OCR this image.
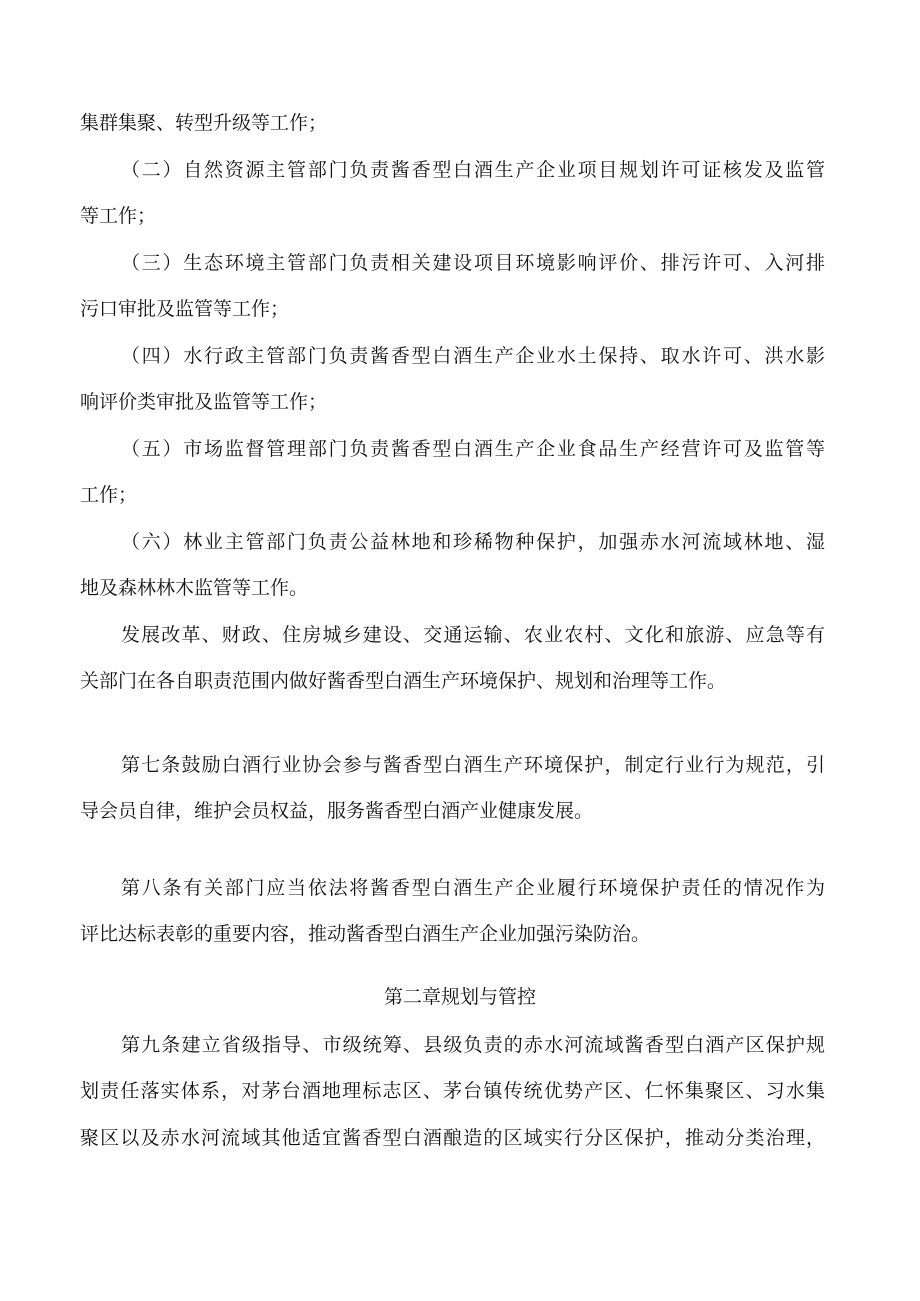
集群集聚、转型升级等工作；
（二）自然资源主管部门负责酱香型白酒生产企业项目规划许可证核发及监管
等工作；
（三）生态环境主管部门负责相关建设项目环境影响评价、排污许可、入河排
污口审批及监管等工作；
（四）水行政主管部门负责酱香型白酒生产企业水土保持、取水许可、洪水影
响评价类审批及监管等工作；
（五）市场监督管理部门负责酱香型白酒生产企业食品生产经营许可及监管等
工作；
（六）林业主管部门负责公益林地和珍稀物种保护，加强赤水河流域林地、湿
地及森林林木监管等工作。
发展改革、财政、住房城乡建设、交通运输、农业农村、文化和旅游、应急等有
关部门在各自职责范围内做好酱香型白酒生产环境保护、规划和治理等工作。
第七条鼓励白酒行业协会参与酱香型白酒生产环境保护，制定行业行为规范，引
导会员自律，维护会员权益，服务酱香型白酒产业健康发展。
第八条有关部门应当依法将酱香型白酒生产企业履行环境保护责任的情况作为
评比达标表彰的重要内容，推动酱香型白酒生产企业加强污染防治。
第二章规划与管控
第九条建立省级指导、市级统筹、县级负责的赤水河流域酱香型白酒产区保护规
划责任落实体系，对茅台酒地理标志区、茅台镇传统优势产区、仁怀集聚区、习水集
聚区以及赤水河流域其他适宜酱香型白酒酿造的区域实行分区保护，推动分类治理，
